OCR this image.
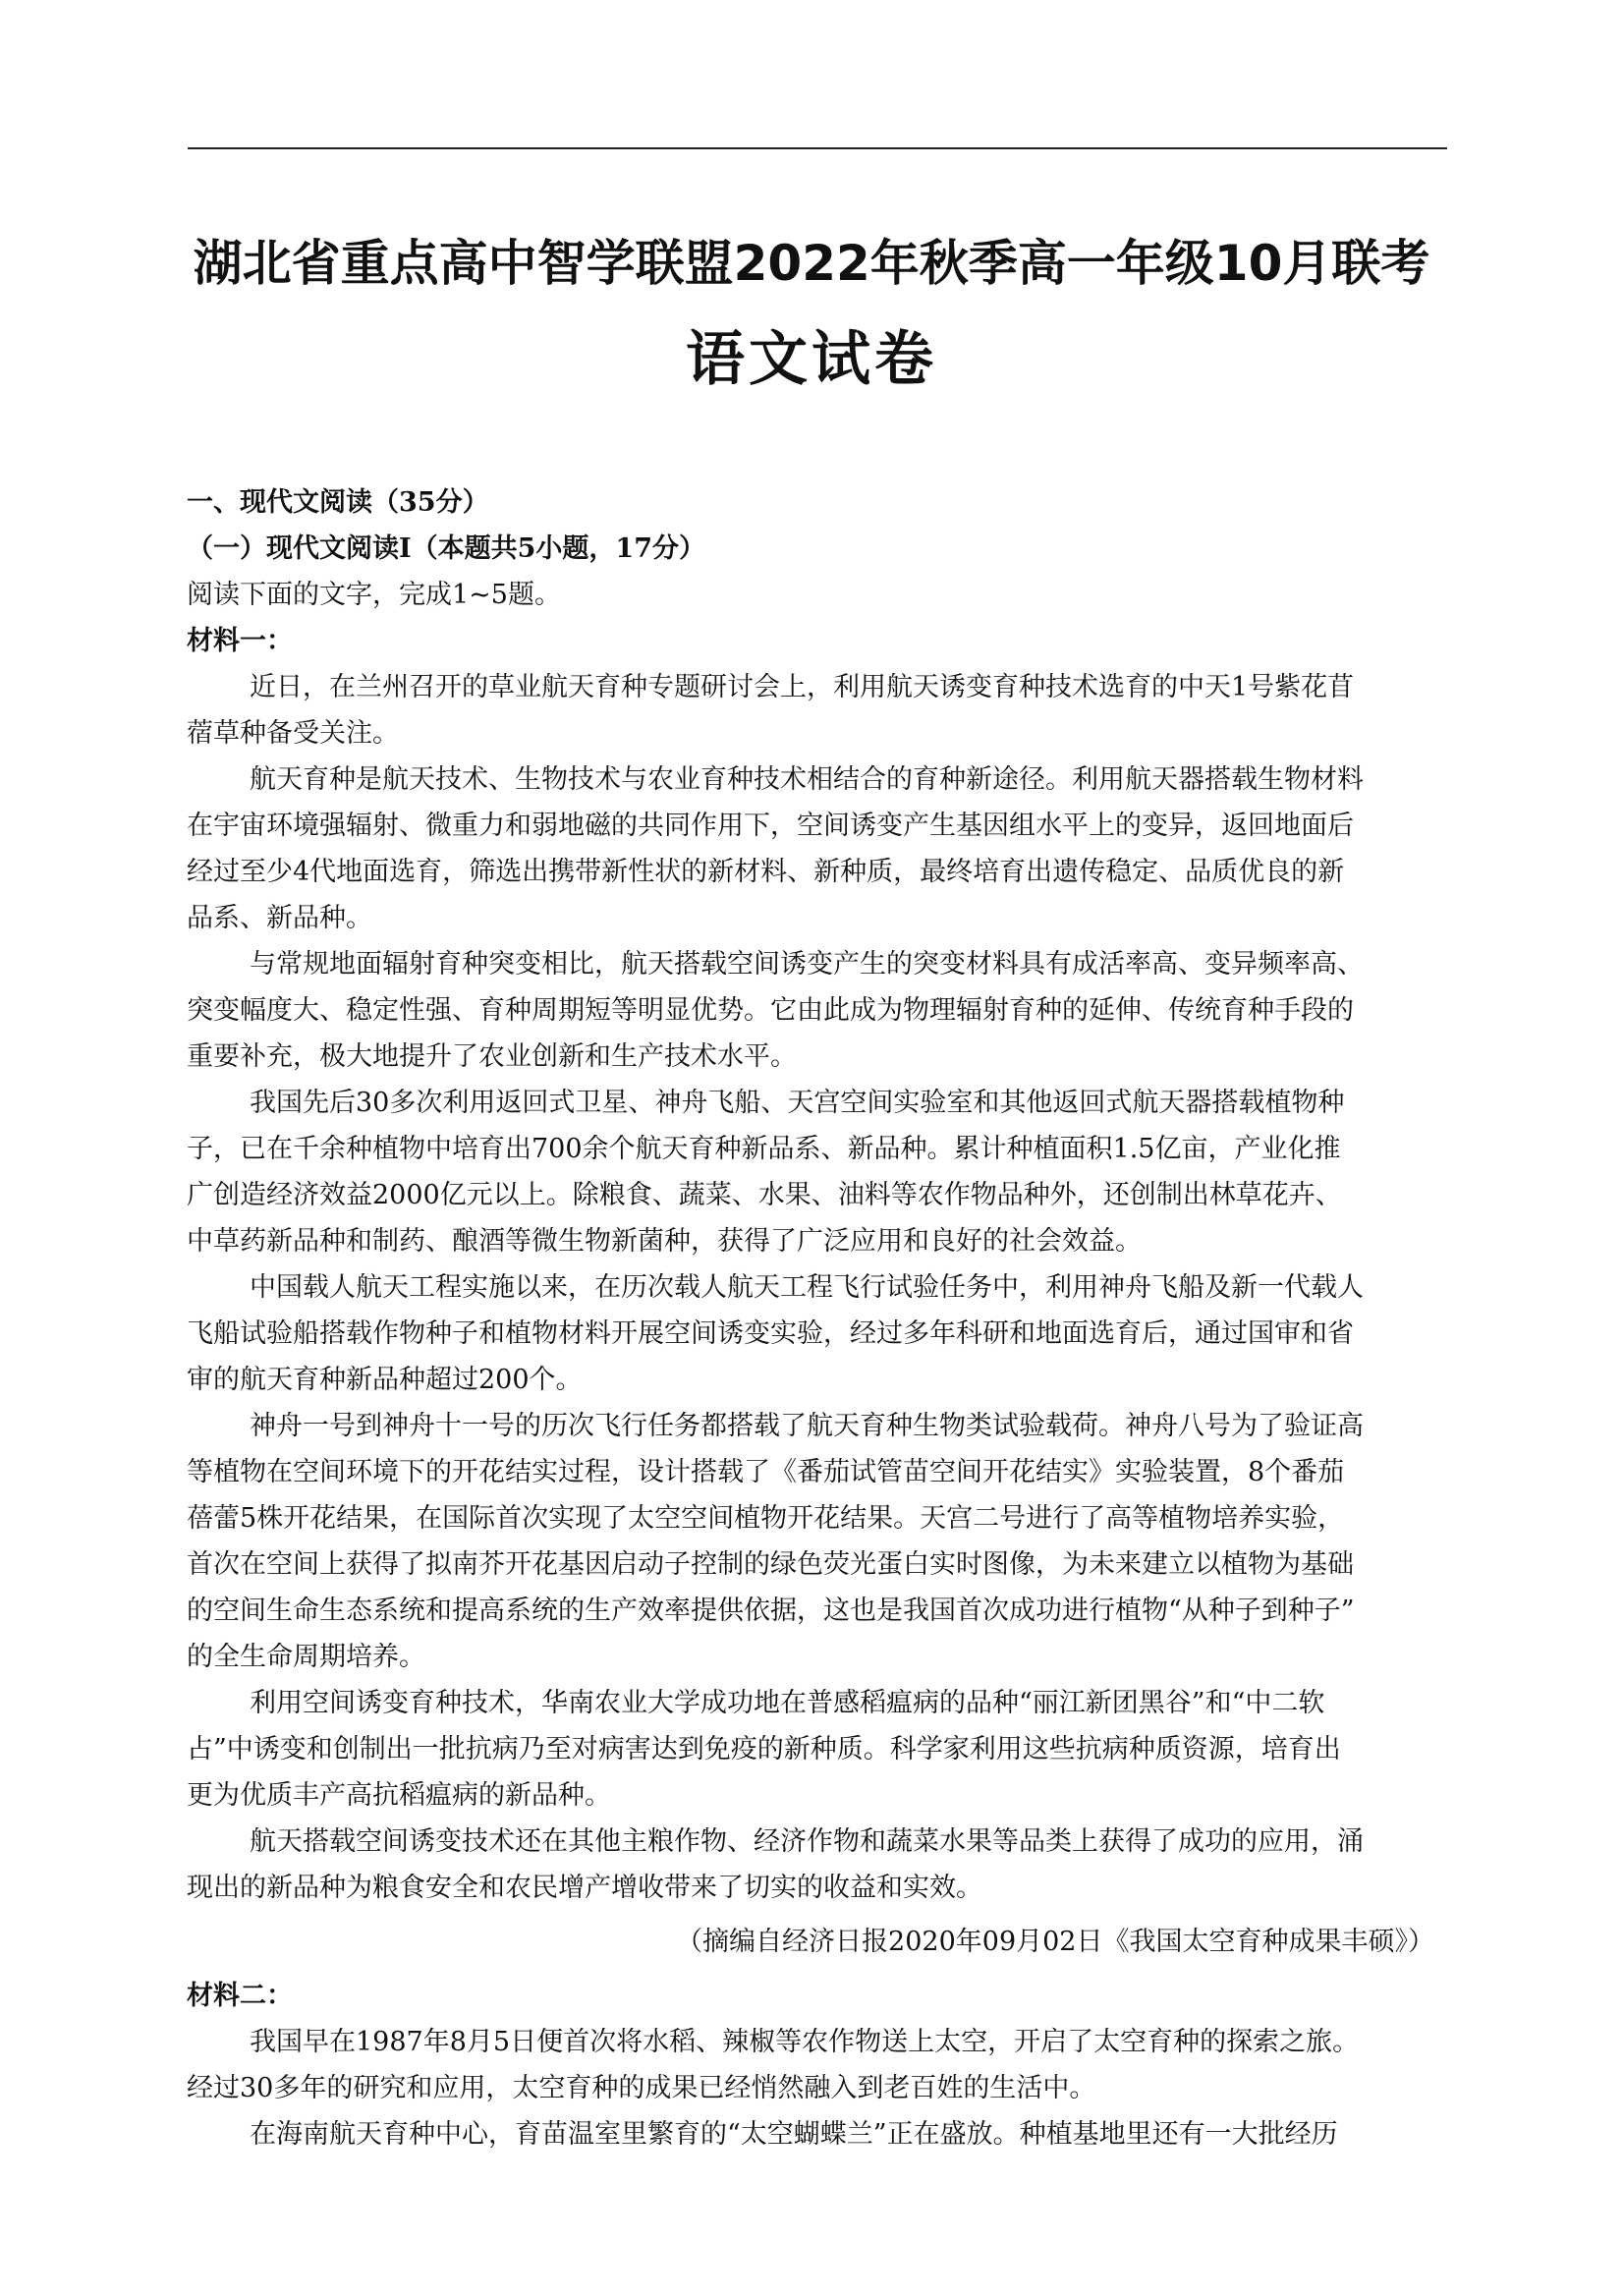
湖北省重点高中智学联盟2022年秋季高一年级10月联考
语文试卷
一、现代文阅读（35分）
（一）现代文阅读Ⅰ（本题共5小题，17分）
阅读下面的文字，完成1~5题。
材料一：
近日，在兰州召开的草业航天育种专题研讨会上，利用航天诱变育种技术选育的中天1号紫花苜
蓿草种备受关注。
航天育种是航天技术、生物技术与农业育种技术相结合的育种新途径。利用航天器搭载生物材料
在宇宙环境强辐射、微重力和弱地磁的共同作用下，空间诱变产生基因组水平上的变异，返回地面后
经过至少4代地面选育，筛选出携带新性状的新材料、新种质，最终培育出遗传稳定、品质优良的新
品系、新品种。
与常规地面辐射育种突变相比，航天搭载空间诱变产生的突变材料具有成活率高、变异频率高、
突变幅度大、稳定性强、育种周期短等明显优势。它由此成为物理辐射育种的延伸、传统育种手段的
重要补充，极大地提升了农业创新和生产技术水平。
我国先后30多次利用返回式卫星、神舟飞船、天宫空间实验室和其他返回式航天器搭载植物种
子，已在千余种植物中培育出700余个航天育种新品系、新品种。累计种植面积1.5亿亩，产业化推
广创造经济效益2000亿元以上。除粮食、蔬菜、水果、油料等农作物品种外，还创制出林草花卉、
中草药新品种和制药、酿酒等微生物新菌种，获得了广泛应用和良好的社会效益。
中国载人航天工程实施以来，在历次载人航天工程飞行试验任务中，利用神舟飞船及新一代载人
飞船试验船搭载作物种子和植物材料开展空间诱变实验，经过多年科研和地面选育后，通过国审和省
审的航天育种新品种超过200个。
神舟一号到神舟十一号的历次飞行任务都搭载了航天育种生物类试验载荷。神舟八号为了验证高
等植物在空间环境下的开花结实过程，设计搭载了《番茄试管苗空间开花结实》实验装置，8个番茄
蓓蕾5株开花结果，在国际首次实现了太空空间植物开花结果。天宫二号进行了高等植物培养实验，
首次在空间上获得了拟南芥开花基因启动子控制的绿色荧光蛋白实时图像，为未来建立以植物为基础
的空间生命生态系统和提高系统的生产效率提供依据，这也是我国首次成功进行植物“从种子到种子”
的全生命周期培养。
利用空间诱变育种技术，华南农业大学成功地在普感稻瘟病的品种“丽江新团黑谷”和“中二软
占”中诱变和创制出一批抗病乃至对病害达到免疫的新种质。科学家利用这些抗病种质资源，培育出
更为优质丰产高抗稻瘟病的新品种。
航天搭载空间诱变技术还在其他主粮作物、经济作物和蔬菜水果等品类上获得了成功的应用，涌
现出的新品种为粮食安全和农民增产增收带来了切实的收益和实效。
（摘编自经济日报2020年09月02日《我国太空育种成果丰硕》）
材料二：
我国早在1987年8月5日便首次将水稻、辣椒等农作物送上太空，开启了太空育种的探索之旅。
经过30多年的研究和应用，太空育种的成果已经悄然融入到老百姓的生活中。
在海南航天育种中心，育苗温室里繁育的“太空蝴蝶兰”正在盛放。种植基地里还有一大批经历
